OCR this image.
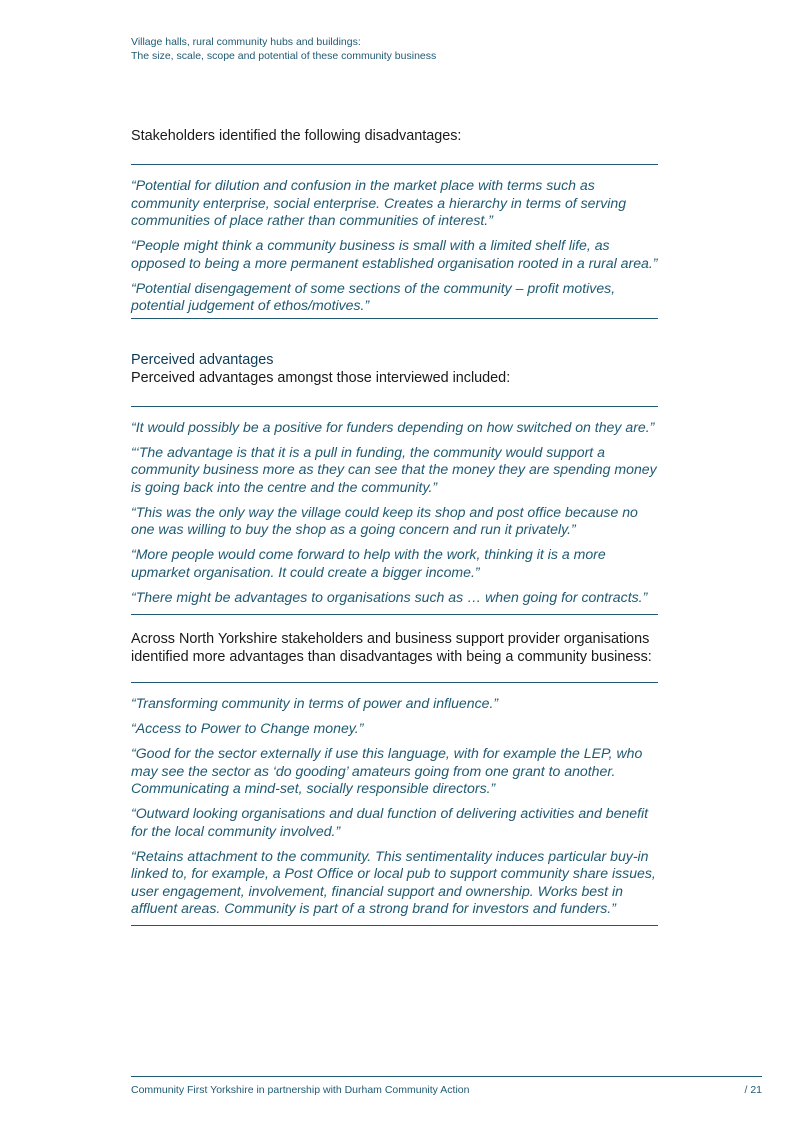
Village halls, rural community hubs and buildings:
The size, scale, scope and potential of these community business

Stakeholders identified the following disadvantages:

“Potential for dilution and confusion in the market place with terms such as community enterprise, social enterprise. Creates a hierarchy in terms of serving communities of place rather than communities of interest.”

“People might think a community business is small with a limited shelf life, as opposed to being a more permanent established organisation rooted in a rural area.”

“Potential disengagement of some sections of the community – profit motives, potential judgement of ethos/motives.”

Perceived advantages

Perceived advantages amongst those interviewed included:

“It would possibly be a positive for funders depending on how switched on they are.”

“‘The advantage is that it is a pull in funding, the community would support a community business more as they can see that the money they are spending money is going back into the centre and the community.”

“This was the only way the village could keep its shop and post office because no one was willing to buy the shop as a going concern and run it privately.”

“More people would come forward to help with the work, thinking it is a more upmarket organisation. It could create a bigger income.”

“There might be advantages to organisations such as … when going for contracts.”

Across North Yorkshire stakeholders and business support provider organisations identified more advantages than disadvantages with being a community business:

“Transforming community in terms of power and influence.”

“Access to Power to Change money.”

“Good for the sector externally if use this language, with for example the LEP, who may see the sector as ‘do gooding’ amateurs going from one grant to another. Communicating a mind-set, socially responsible directors.”

“Outward looking organisations and dual function of delivering activities and benefit for the local community involved.”

“Retains attachment to the community. This sentimentality induces particular buy-in linked to, for example, a Post Office or local pub to support community share issues, user engagement, involvement, financial support and ownership. Works best in affluent areas. Community is part of a strong brand for investors and funders.”

Community First Yorkshire in partnership with Durham Community Action	/ 21
